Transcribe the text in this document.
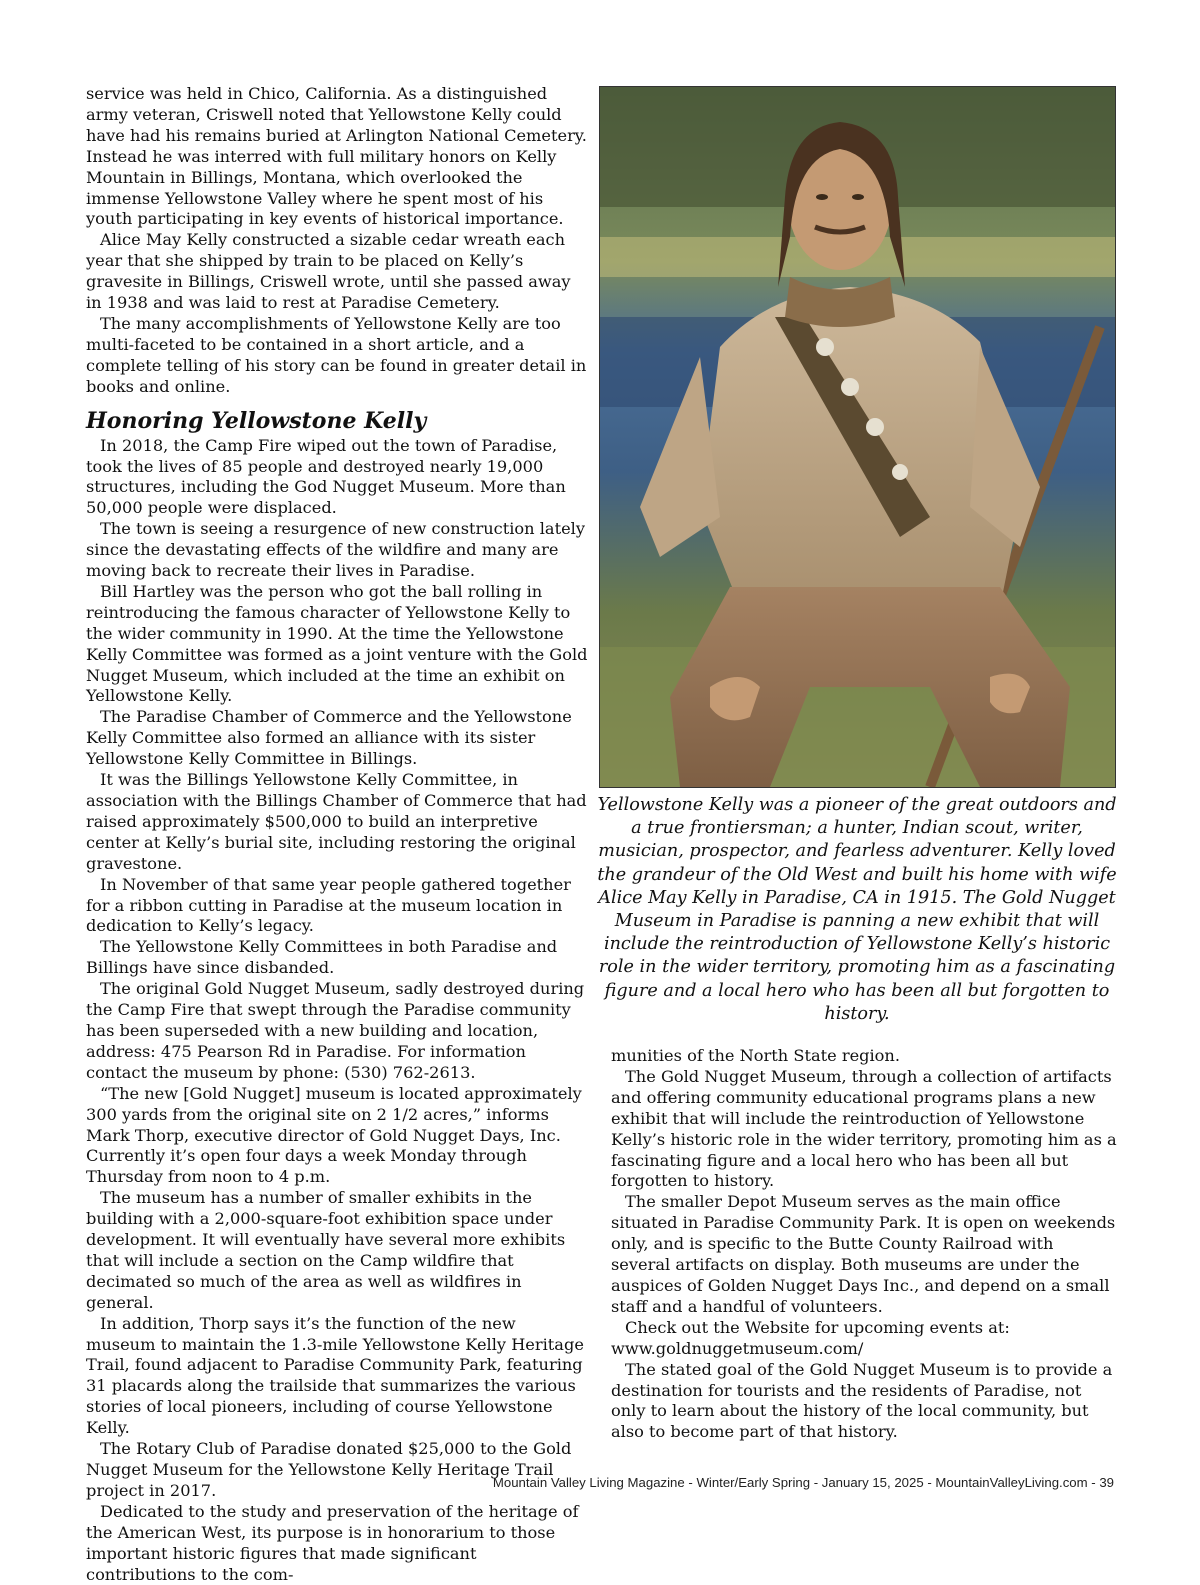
service was held in Chico, California. As a distinguished army veteran, Criswell noted that Yellowstone Kelly could have had his remains buried at Arlington National Cemetery. Instead he was interred with full military honors on Kelly Mountain in Billings, Montana, which overlooked the immense Yellowstone Valley where he spent most of his youth participating in key events of historical importance.

Alice May Kelly constructed a sizable cedar wreath each year that she shipped by train to be placed on Kelly’s gravesite in Billings, Criswell wrote, until she passed away in 1938 and was laid to rest at Paradise Cemetery.

The many accomplishments of Yellowstone Kelly are too multi-faceted to be contained in a short article, and a complete telling of his story can be found in greater detail in books and online.

Honoring Yellowstone Kelly

In 2018, the Camp Fire wiped out the town of Paradise, took the lives of 85 people and destroyed nearly 19,000 structures, including the God Nugget Museum. More than 50,000 people were displaced.

The town is seeing a resurgence of new construction lately since the devastating effects of the wildfire and many are moving back to recreate their lives in Paradise.

Bill Hartley was the person who got the ball rolling in reintroducing the famous character of Yellowstone Kelly to the wider community in 1990. At the time the Yellowstone Kelly Committee was formed as a joint venture with the Gold Nugget Museum, which included at the time an exhibit on Yellowstone Kelly.

The Paradise Chamber of Commerce and the Yellowstone Kelly Committee also formed an alliance with its sister Yellowstone Kelly Committee in Billings.

It was the Billings Yellowstone Kelly Committee, in association with the Billings Chamber of Commerce that had raised approximately $500,000 to build an interpretive center at Kelly’s burial site, including restoring the original gravestone.

In November of that same year people gathered together for a ribbon cutting in Paradise at the museum location in dedication to Kelly’s legacy.

The Yellowstone Kelly Committees in both Paradise and Billings have since disbanded.

The original Gold Nugget Museum, sadly destroyed during the Camp Fire that swept through the Paradise community has been superseded with a new building and location, address: 475 Pearson Rd in Paradise. For information contact the museum by phone: (530) 762-2613.

“The new [Gold Nugget] museum is located approximately 300 yards from the original site on 2 1/2 acres,” informs Mark Thorp, executive director of Gold Nugget Days, Inc. Currently it’s open four days a week Monday through Thursday from noon to 4 p.m.

The museum has a number of smaller exhibits in the building with a 2,000-square-foot exhibition space under development. It will eventually have several more exhibits that will include a section on the Camp wildfire that decimated so much of the area as well as wildfires in general.

In addition, Thorp says it’s the function of the new museum to maintain the 1.3-mile Yellowstone Kelly Heritage Trail, found adjacent to Paradise Community Park, featuring 31 placards along the trailside that summarizes the various stories of local pioneers, including of course Yellowstone Kelly.

The Rotary Club of Paradise donated $25,000 to the Gold Nugget Museum for the Yellowstone Kelly Heritage Trail project in 2017.

Dedicated to the study and preservation of the heritage of the American West, its purpose is in honorarium to those important historic figures that made significant contributions to the com-

Yellowstone Kelly was a pioneer of the great outdoors and a true frontiersman; a hunter, Indian scout, writer, musician, prospector, and fearless adventurer. Kelly loved the grandeur of the Old West and built his home with wife Alice May Kelly in Paradise, CA in 1915. The Gold Nugget Museum in Paradise is panning a new exhibit that will include the reintroduction of Yellowstone Kelly’s historic role in the wider territory, promoting him as a fascinating figure and a local hero who has been all but forgotten to history.

munities of the North State region.

The Gold Nugget Museum, through a collection of artifacts and offering community educational programs plans a new exhibit that will include the reintroduction of Yellowstone Kelly’s historic role in the wider territory, promoting him as a fascinating figure and a local hero who has been all but forgotten to history.

The smaller Depot Museum serves as the main office situated in Paradise Community Park. It is open on weekends only, and is specific to the Butte County Railroad with several artifacts on display. Both museums are under the auspices of Golden Nugget Days Inc., and depend on a small staff and a handful of volunteers.

Check out the Website for upcoming events at: www.goldnuggetmuseum.com/

The stated goal of the Gold Nugget Museum is to provide a destination for tourists and the residents of Paradise, not only to learn about the history of the local community, but also to become part of that history.

Mountain Valley Living Magazine - Winter/Early Spring - January 15, 2025 - MountainValleyLiving.com - 39
